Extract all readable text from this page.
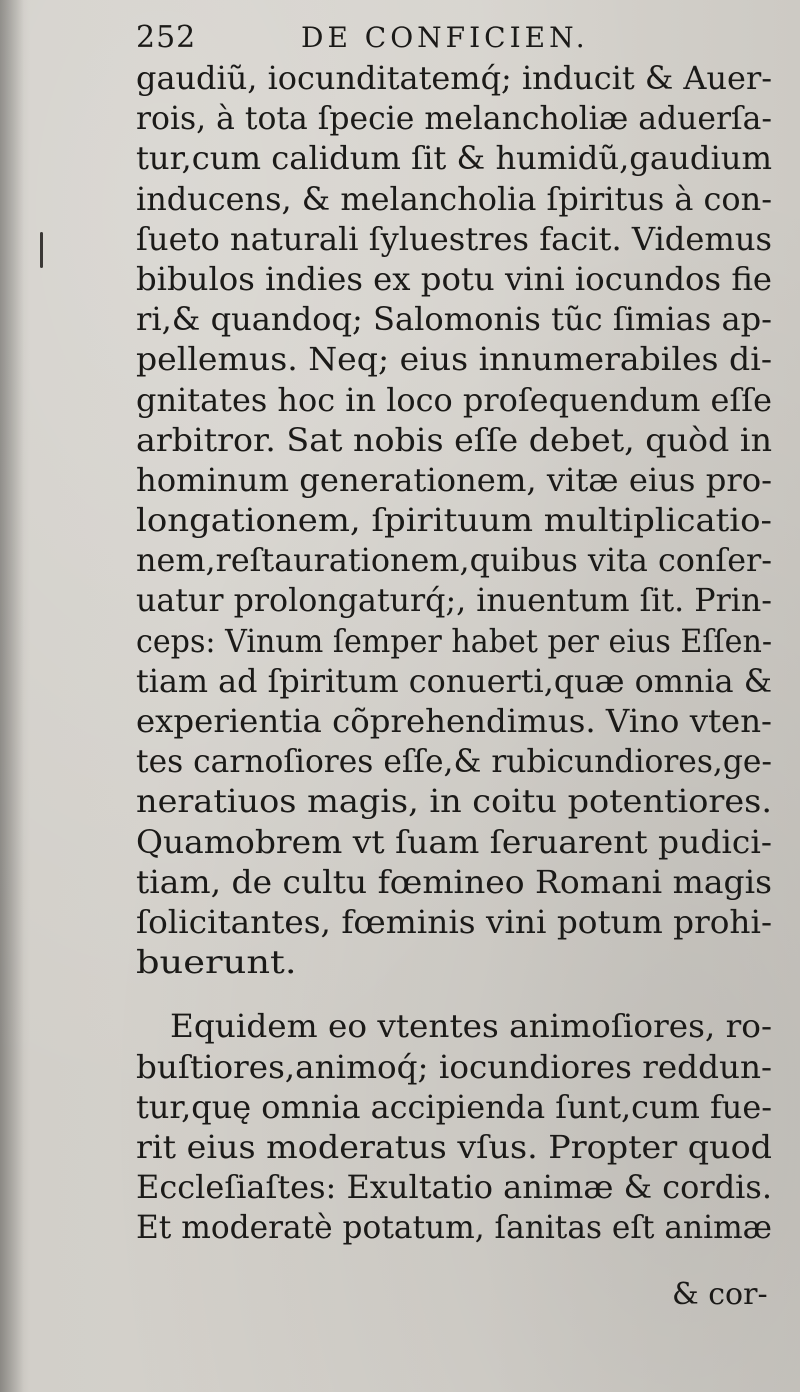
252	DE CONFICIEN.
gaudiũ, iocunditatemq́; inducit & Auer-
rois, à tota ſpecie melancholiæ aduerſa-
tur,cum calidum ſit & humidũ,gaudium
inducens, & melancholia ſpiritus à con-
ſueto naturali ſyluestres facit. Videmus
bibulos indies ex potu vini iocundos fie
ri,& quandoq; Salomonis tũc ſimias ap-
pellemus. Neq; eius innumerabiles di-
gnitates hoc in loco proſequendum eſſe
arbitror. Sat nobis eſſe debet, quòd in
hominum generationem, vitæ eius pro-
longationem, ſpirituum multiplicatio-
nem,reſtaurationem,quibus vita conſer-
uatur prolongaturq́;, inuentum ſit. Prin-
ceps: Vinum ſemper habet per eius Eſſen-
tiam ad ſpiritum conuerti,quæ omnia &
experientia cõprehendimus. Vino vten-
tes carnoſiores eſſe,& rubicundiores,ge-
neratiuos magis, in coitu potentiores.
Quamobrem vt ſuam ſeruarent pudici-
tiam, de cultu fœmineo Romani magis
ſolicitantes, fœminis vini potum prohi-
buerunt.
Equidem eo vtentes animoſiores, ro-
buſtiores,animoq́; iocundiores reddun-
tur,quę omnia accipienda ſunt,cum fue-
rit eius moderatus vſus. Propter quod
Eccleſiaſtes: Exultatio animæ & cordis.
Et moderatè potatum, ſanitas eſt animæ
& cor-
